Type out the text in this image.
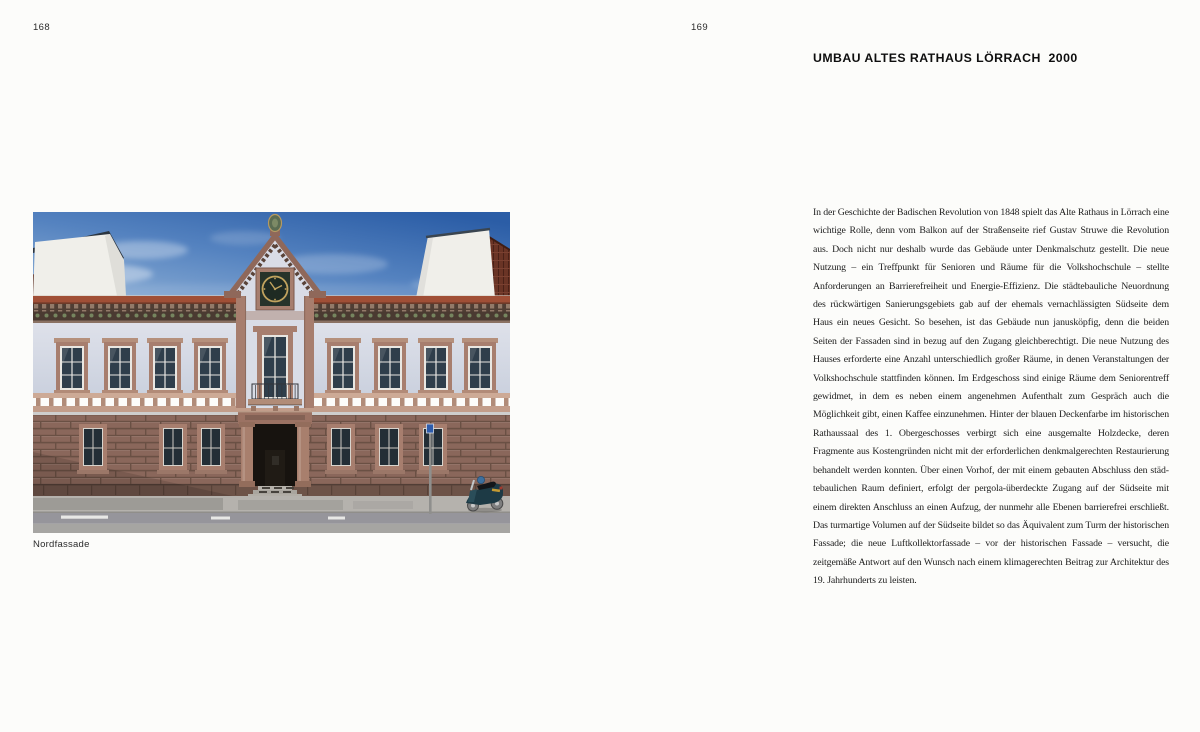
168
Nordfassade
169
UMBAU ALTES RATHAUS LÖRRACH  2000
In der Geschichte der Badischen Revolution von 1848 spielt das Alte Rathaus in Lörrach eine wichtige Rolle, denn vom Balkon auf der Straßenseite rief Gustav Struwe die Revolution aus. Doch nicht nur deshalb wurde das Gebäude unter Denkmalschutz gestellt. Die neue Nutzung – ein Treffpunkt für Senioren und Räume für die Volkshochschule – stellte Anforderungen an Barrierefreiheit und Energie-Effizienz. Die städtebauliche Neuordnung des rückwärtigen Sanierungsgebiets gab auf der ehemals vernachlässigten Südseite dem Haus ein neues Gesicht. So besehen, ist das Gebäude nun janusköpfig, denn die beiden Seiten der Fassaden sind in bezug auf den Zugang gleichberechtigt. Die neue Nutzung des Hauses erforderte eine Anzahl unterschiedlich großer Räume, in denen Veranstaltungen der Volkshochschule stattfinden können. Im Erdgeschoss sind einige Räume dem Seniorentreff gewidmet, in dem es neben einem angenehmen Aufenthalt zum Gespräch auch die Möglichkeit gibt, einen Kaffee einzunehmen. Hinter der blauen Deckenfarbe im historischen Rathaussaal des 1. Obergeschosses verbirgt sich eine ausgemalte Holzdecke, deren Fragmente aus Kostengründen nicht mit der erforderlichen denkmalgerechten Restaurierung behandelt werden konnten. Über einen Vorhof, der mit einem gebauten Abschluss den städtebaulichen Raum definiert, erfolgt der pergola-überdeckte Zugang auf der Südseite mit einem direkten Anschluss an einen Aufzug, der nunmehr alle Ebenen barrierefrei erschließt. Das turmartige Volumen auf der Südseite bildet so das Äquivalent zum Turm der historischen Fassade; die neue Luftkollektorfassade – vor der historischen Fassade – versucht, die zeitgemäße Antwort auf den Wunsch nach einem klimagerechten Beitrag zur Architektur des 19. Jahrhunderts zu leisten.
